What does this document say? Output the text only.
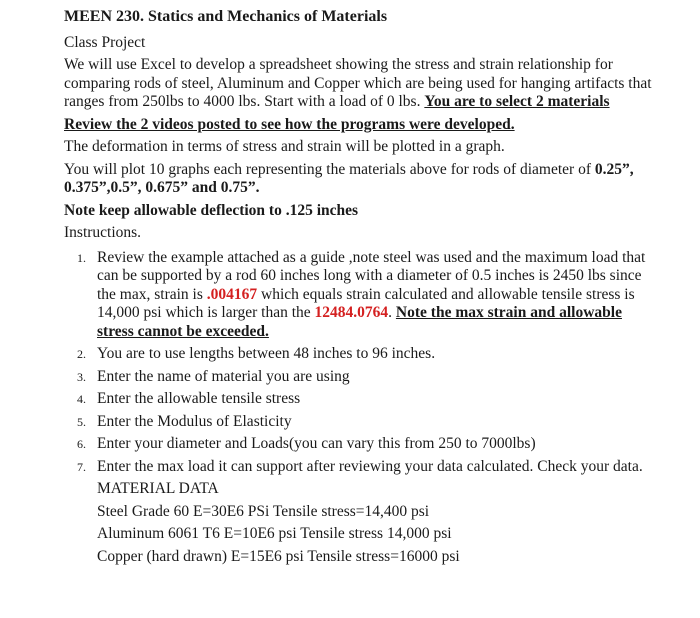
MEEN 230. Statics and Mechanics of Materials
Class Project
We will use Excel to develop a spreadsheet showing the stress and strain relationship for comparing rods of steel, Aluminum and Copper which are being used for hanging artifacts that ranges from 250lbs to 4000 lbs. Start with a load of 0 lbs. You are to select 2 materials
Review the 2 videos posted to see how the programs were developed.
The deformation in terms of stress and strain will be plotted in a graph.
You will plot 10 graphs each representing the materials above for rods of diameter of 0.25”, 0.375”,0.5”, 0.675” and 0.75”.
Note keep allowable deflection to .125 inches
Instructions.
1. Review the example attached as a guide ,note steel was used and the maximum load that can be supported by a rod 60 inches long with a diameter of 0.5 inches is 2450 lbs since the max, strain is .004167 which equals strain calculated and allowable tensile stress is 14,000 psi which is larger than the 12484.0764. Note the max strain and allowable stress cannot be exceeded.
2. You are to use lengths between 48 inches to 96 inches.
3. Enter the name of material you are using
4. Enter the allowable tensile stress
5. Enter the Modulus of Elasticity
6. Enter your diameter and Loads(you can vary this from 250 to 7000lbs)
7. Enter the max load it can support after reviewing your data calculated. Check your data.
MATERIAL DATA
Steel Grade 60 E=30E6 PSi Tensile stress=14,400 psi
Aluminum 6061 T6 E=10E6 psi Tensile stress 14,000 psi
Copper (hard drawn) E=15E6 psi Tensile stress=16000 psi
